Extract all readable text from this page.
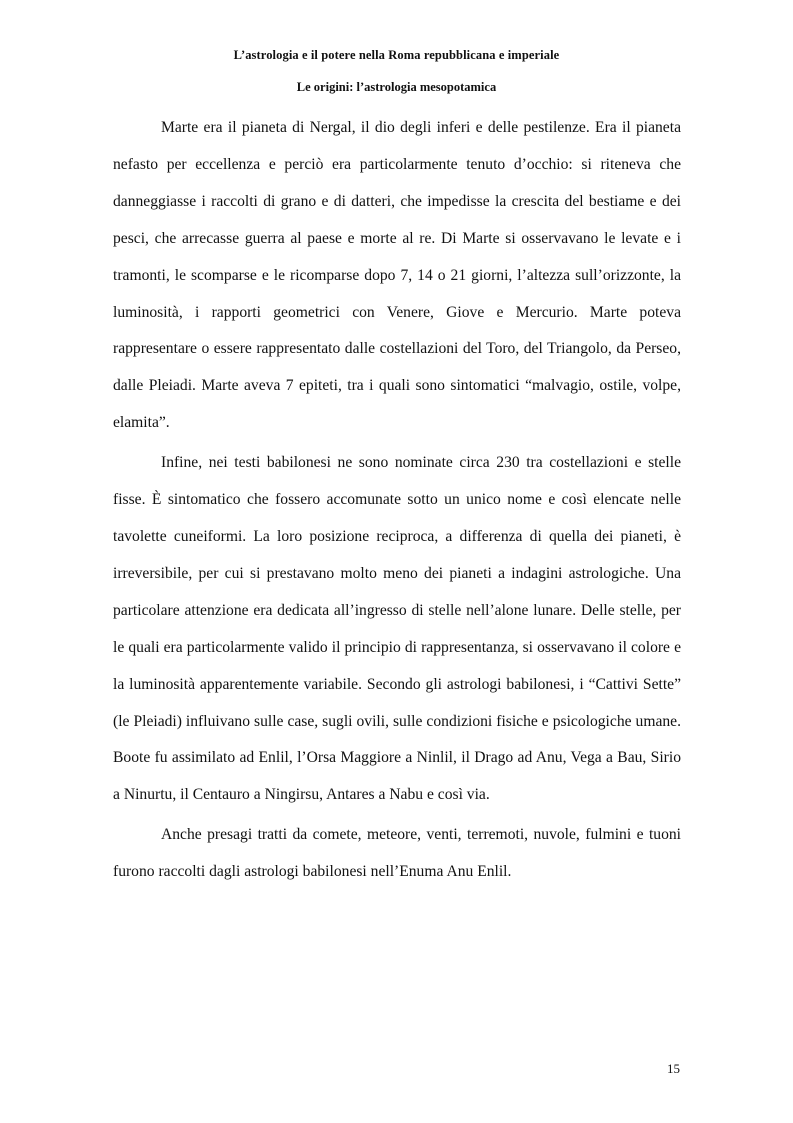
L’astrologia e il potere nella Roma repubblicana e imperiale
Le origini: l’astrologia mesopotamica

Marte era il pianeta di Nergal, il dio degli inferi e delle pestilenze. Era il pianeta nefasto per eccellenza e perciò era particolarmente tenuto d’occhio: si riteneva che danneggiasse i raccolti di grano e di datteri, che impedisse la crescita del bestiame e dei pesci, che arrecasse guerra al paese e morte al re. Di Marte si osservavano le levate e i tramonti, le scomparse e le ricomparse dopo 7, 14 o 21 giorni, l’altezza sull’orizzonte, la luminosità, i rapporti geometrici con Venere, Giove e Mercurio. Marte poteva rappresentare o essere rappresentato dalle costellazioni del Toro, del Triangolo, da Perseo, dalle Pleiadi. Marte aveva 7 epiteti, tra i quali sono sintomatici “malvagio, ostile, volpe, elamita”.

Infine, nei testi babilonesi ne sono nominate circa 230 tra costellazioni e stelle fisse. È sintomatico che fossero accomunate sotto un unico nome e così elencate nelle tavolette cuneiformi. La loro posizione reciproca, a differenza di quella dei pianeti, è irreversibile, per cui si prestavano molto meno dei pianeti a indagini astrologiche. Una particolare attenzione era dedicata all’ingresso di stelle nell’alone lunare. Delle stelle, per le quali era particolarmente valido il principio di rappresentanza, si osservavano il colore e la luminosità apparentemente variabile. Secondo gli astrologi babilonesi, i “Cattivi Sette” (le Pleiadi) influivano sulle case, sugli ovili, sulle condizioni fisiche e psicologiche umane. Boote fu assimilato ad Enlil, l’Orsa Maggiore a Ninlil, il Drago ad Anu, Vega a Bau, Sirio a Ninurtu, il Centauro a Ningirsu, Antares a Nabu e così via.

Anche presagi tratti da comete, meteore, venti, terremoti, nuvole, fulmini e tuoni furono raccolti dagli astrologi babilonesi nell’Enuma Anu Enlil.

15
